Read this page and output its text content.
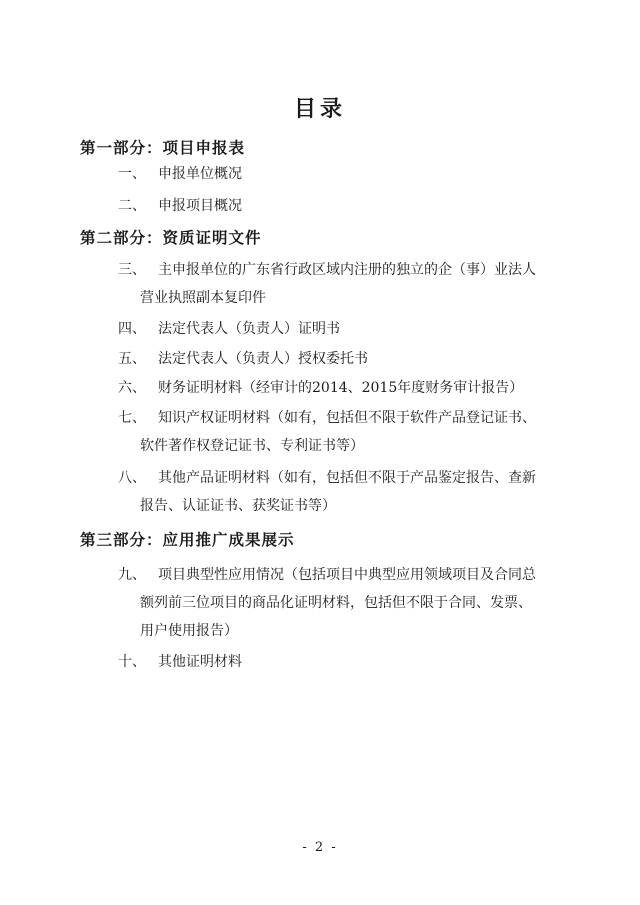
目录
第一部分：项目申报表
一、 申报单位概况
二、 申报项目概况
第二部分：资质证明文件
三、 主申报单位的广东省行政区域内注册的独立的企（事）业法人
营业执照副本复印件
四、 法定代表人（负责人）证明书
五、 法定代表人（负责人）授权委托书
六、 财务证明材料（经审计的2014、2015年度财务审计报告）
七、 知识产权证明材料（如有，包括但不限于软件产品登记证书、
软件著作权登记证书、专利证书等）
八、 其他产品证明材料（如有，包括但不限于产品鉴定报告、查新
报告、认证证书、获奖证书等）
第三部分：应用推广成果展示
九、 项目典型性应用情况（包括项目中典型应用领域项目及合同总
额列前三位项目的商品化证明材料，包括但不限于合同、发票、
用户使用报告）
十、 其他证明材料
- 2 -
